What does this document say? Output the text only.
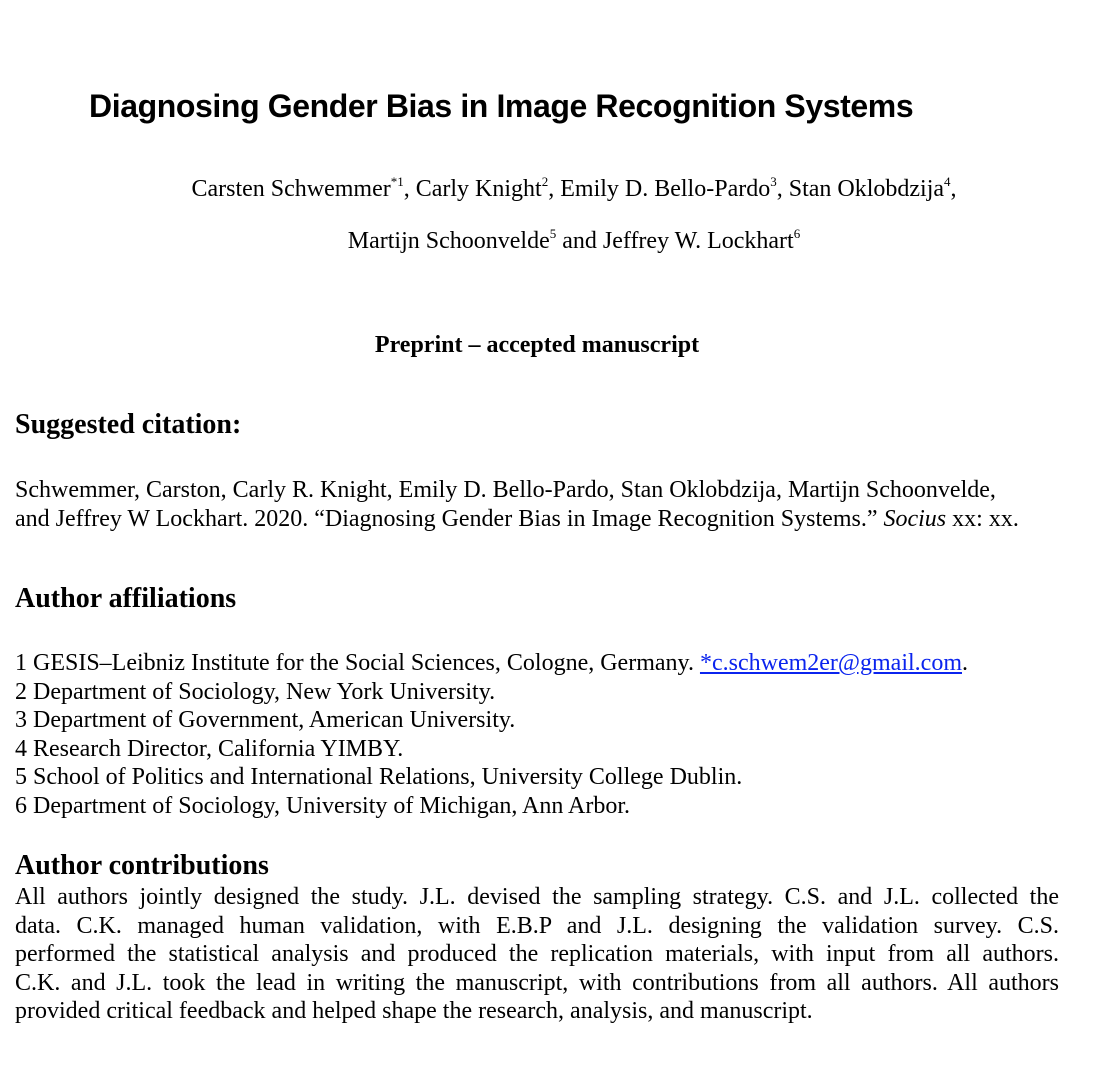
Diagnosing Gender Bias in Image Recognition Systems
Carsten Schwemmer$^{*1}$, Carly Knight$^2$, Emily D. Bello-Pardo$^3$, Stan Oklobdzija$^4$,
Martijn Schoonvelde$^5$ and Jeffrey W. Lockhart$^6$
Preprint – accepted manuscript
Suggested citation:
Schwemmer, Carston, Carly R. Knight, Emily D. Bello-Pardo, Stan Oklobdzija, Martijn Schoonvelde,
and Jeffrey W Lockhart. 2020. “Diagnosing Gender Bias in Image Recognition Systems.” Socius xx: xx.
Author affiliations
1 GESIS–Leibniz Institute for the Social Sciences, Cologne, Germany. *c.schwem2er@gmail.com.
2 Department of Sociology, New York University.
3 Department of Government, American University.
4 Research Director, California YIMBY.
5 School of Politics and International Relations, University College Dublin.
6 Department of Sociology, University of Michigan, Ann Arbor.
Author contributions
All authors jointly designed the study. J.L. devised the sampling strategy. C.S. and J.L. collected the
data. C.K. managed human validation, with E.B.P and J.L. designing the validation survey. C.S.
performed the statistical analysis and produced the replication materials, with input from all authors.
C.K. and J.L. took the lead in writing the manuscript, with contributions from all authors. All authors
provided critical feedback and helped shape the research, analysis, and manuscript.
